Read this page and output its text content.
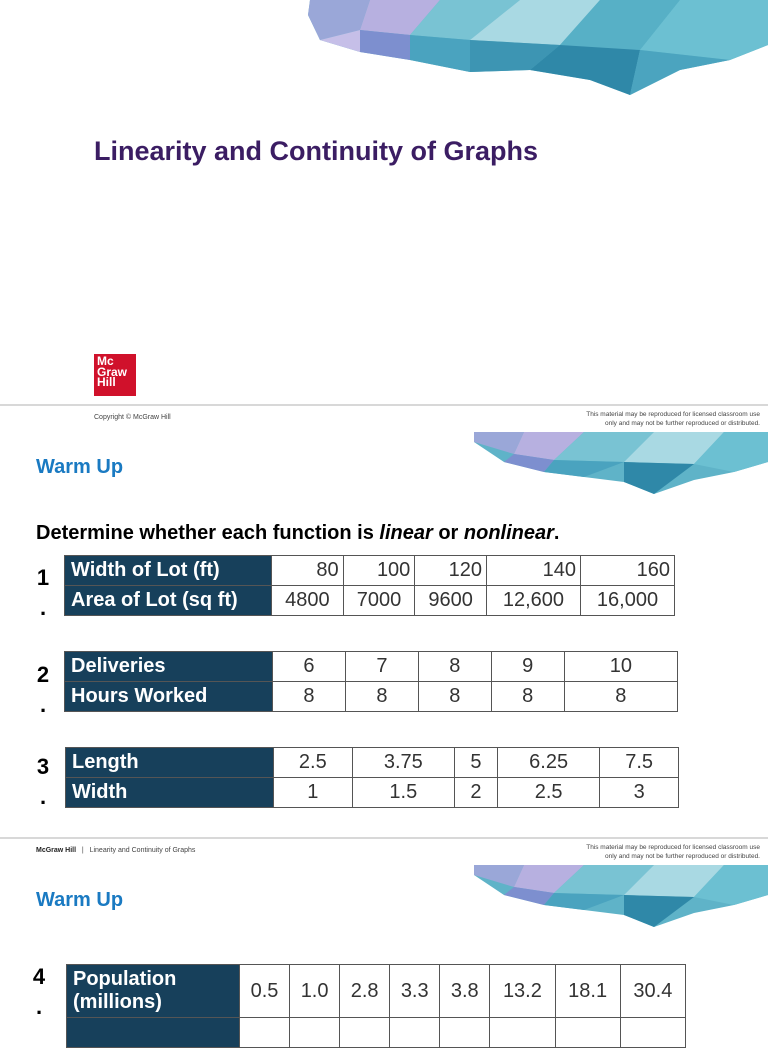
Linearity and Continuity of Graphs
Mc
Graw
Hill
Copyright © McGraw Hill	This material may be reproduced for licensed classroom use
only and may not be further reproduced or distributed.
Warm Up
Determine whether each function is linear or nonlinear.
1
.
Width of Lot (ft)	80	100	120	140	160
Area of Lot (sq ft)	4800	7000	9600	12,600	16,000
2
.
Deliveries	6	7	8	9	10
Hours Worked	8	8	8	8	8
3
.
Length	2.5	3.75	5	6.25	7.5
Width	1	1.5	2	2.5	3
McGraw Hill | Linearity and Continuity of Graphs	This material may be reproduced for licensed classroom use
only and may not be further reproduced or distributed.
Warm Up
4
.
Population (millions)	0.5	1.0	2.8	3.3	3.8	13.2	18.1	30.4
